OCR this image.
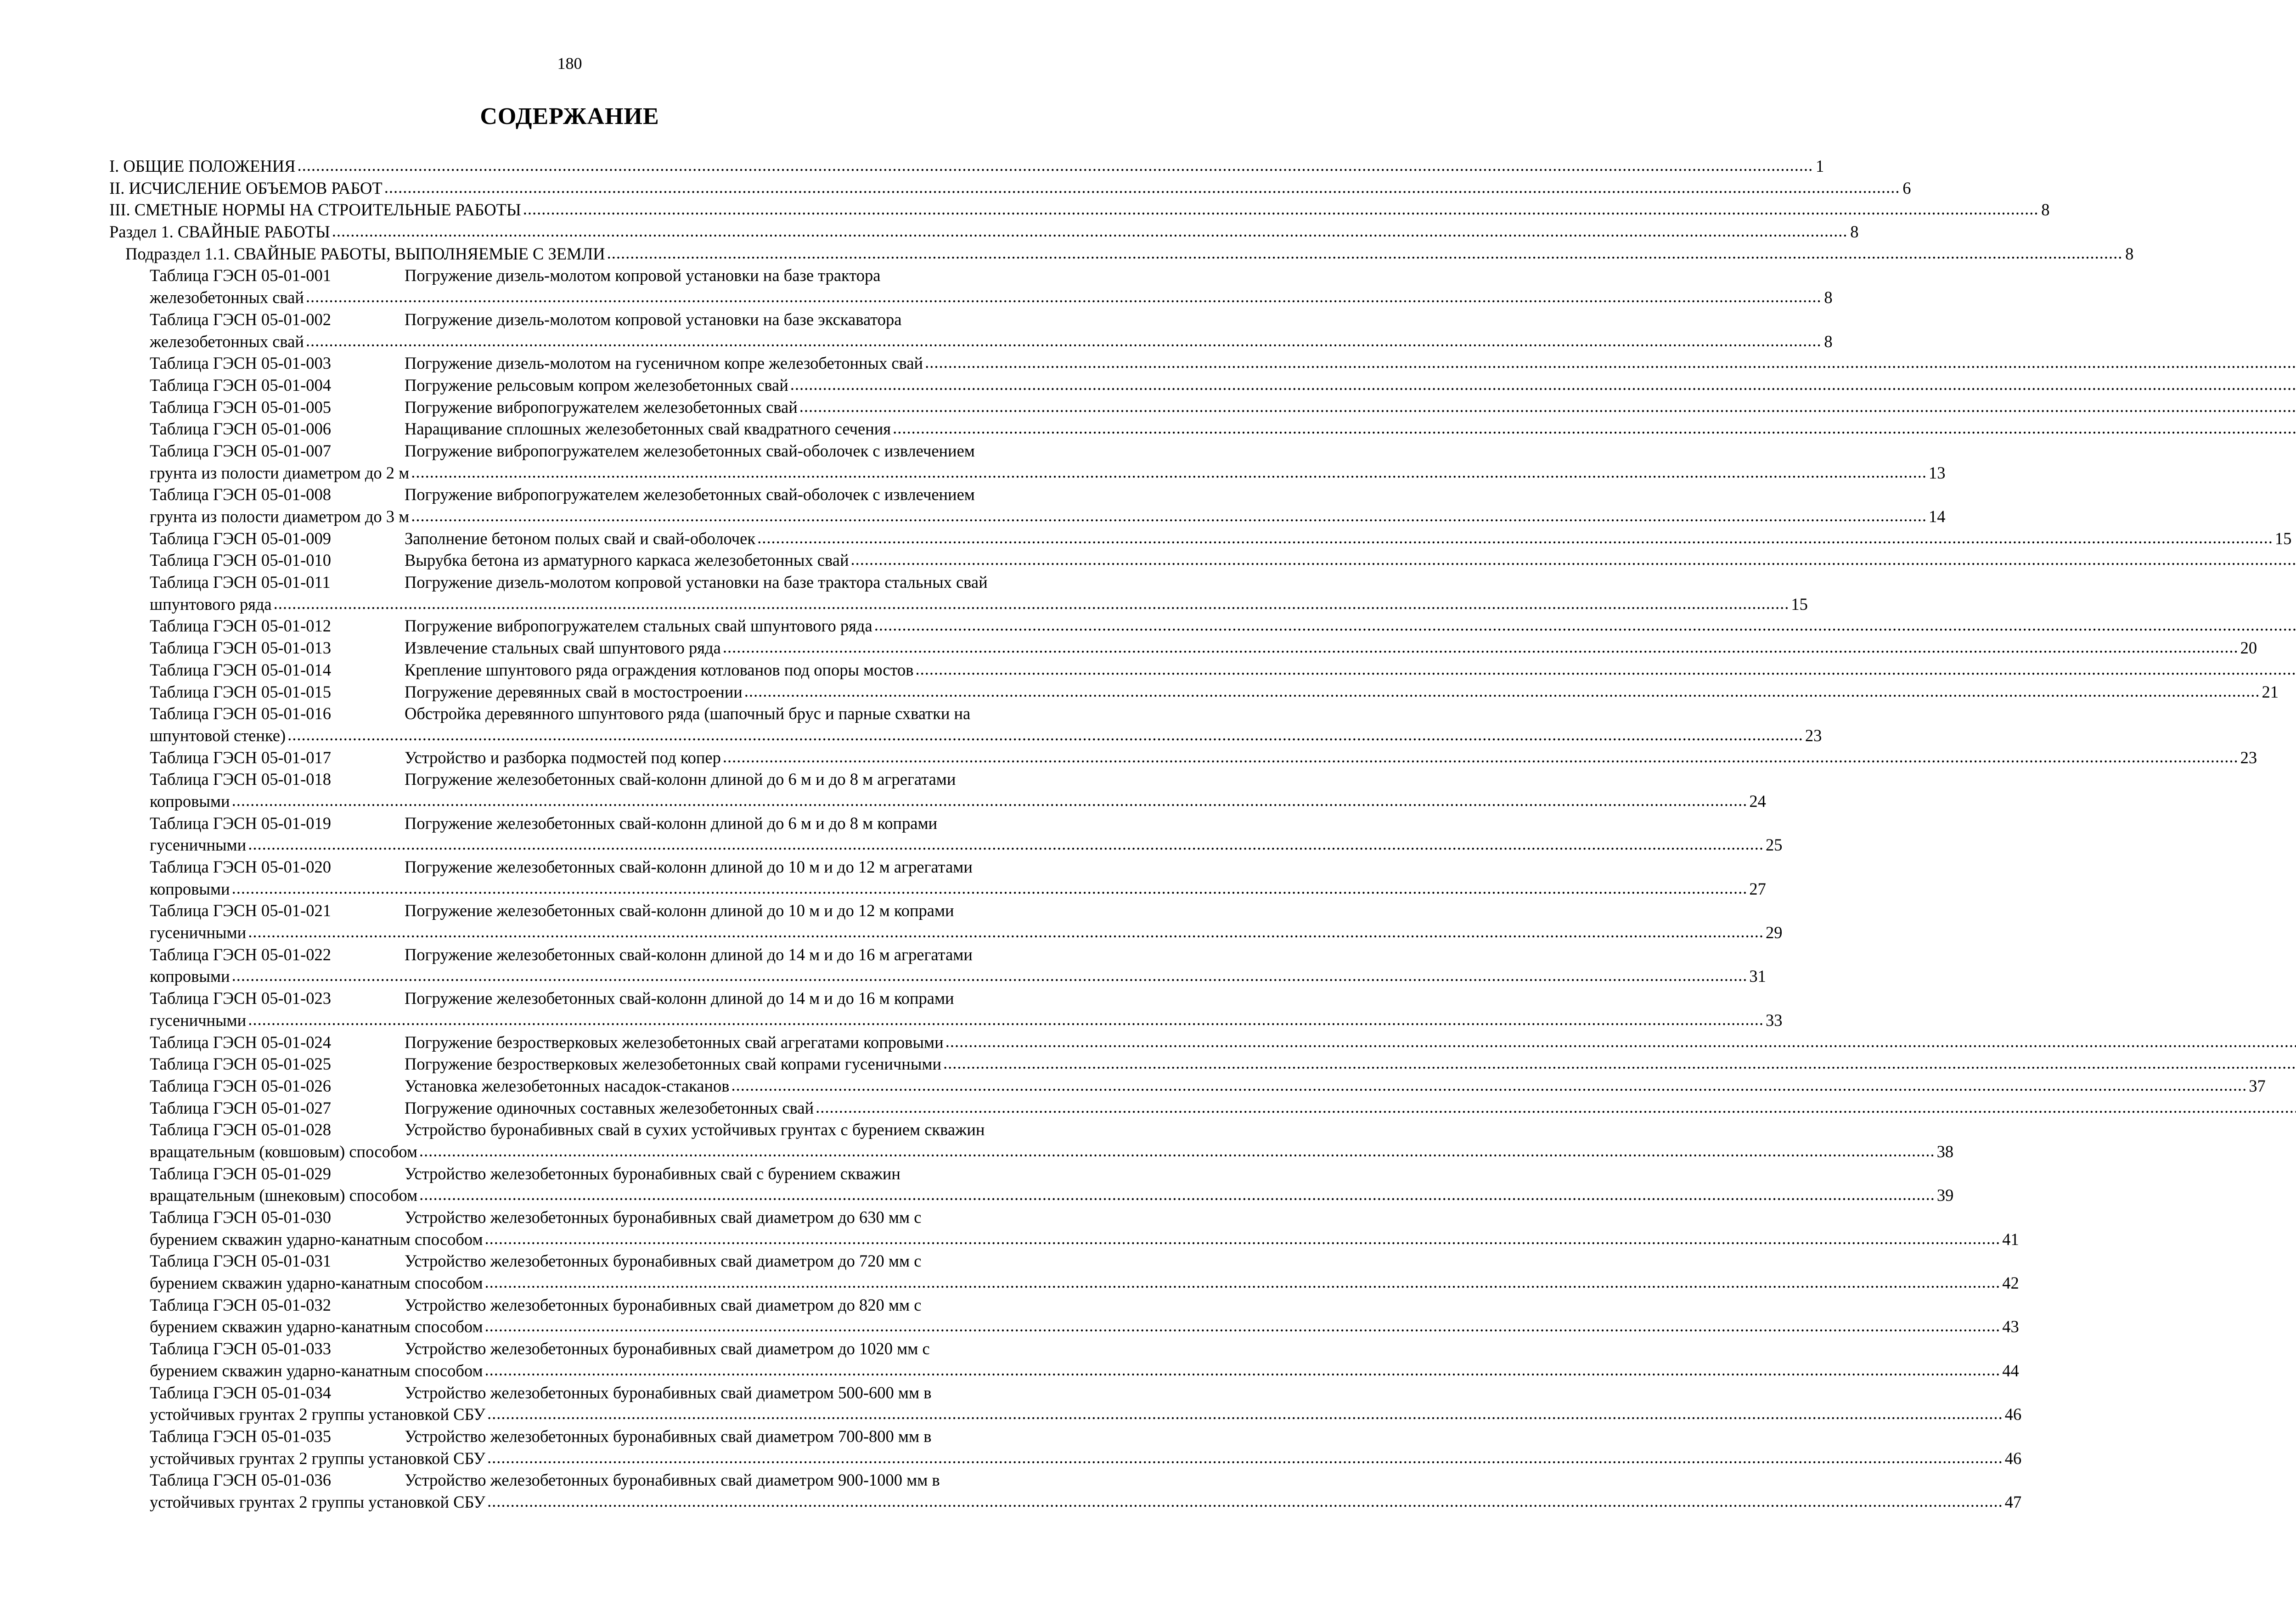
180
СОДЕРЖАНИЕ
I. ОБЩИЕ ПОЛОЖЕНИЯ .....	1
II. ИСЧИСЛЕНИЕ ОБЪЕМОВ РАБОТ .....	6
III. СМЕТНЫЕ НОРМЫ НА СТРОИТЕЛЬНЫЕ РАБОТЫ .....	8
Раздел 1. СВАЙНЫЕ РАБОТЫ .....	8
Подраздел 1.1. СВАЙНЫЕ РАБОТЫ, ВЫПОЛНЯЕМЫЕ С ЗЕМЛИ .....	8
Таблица ГЭСН 05-01-001	Погружение дизель-молотом копровой установки на базе трактора
железобетонных свай .....	8
Таблица ГЭСН 05-01-002	Погружение дизель-молотом копровой установки на базе экскаватора
железобетонных свай .....	8
Таблица ГЭСН 05-01-003	Погружение дизель-молотом на гусеничном копре железобетонных свай
.....
Таблица ГЭСН 05-01-004	Погружение рельсовым копром железобетонных свай
.....
Таблица ГЭСН 05-01-005	Погружение вибропогружателем железобетонных свай
.....
Таблица ГЭСН 05-01-006	Наращивание сплошных железобетонных свай квадратного сечения
.....
Таблица ГЭСН 05-01-007	Погружение вибропогружателем железобетонных свай-оболочек с извлечением
грунта из полости диаметром до 2 м .....	13
Таблица ГЭСН 05-01-008	Погружение вибропогружателем железобетонных свай-оболочек с извлечением
грунта из полости диаметром до 3 м .....	14
Таблица ГЭСН 05-01-009	Заполнение бетоном полых свай и свай-оболочек .....	15
Таблица ГЭСН 05-01-010	Вырубка бетона из арматурного каркаса железобетонных свай
.....
Таблица ГЭСН 05-01-011	Погружение дизель-молотом копровой установки на базе трактора стальных свай
шпунтового ряда .....	15
Таблица ГЭСН 05-01-012	Погружение вибропогружателем стальных свай шпунтового ряда
.....
Таблица ГЭСН 05-01-013	Извлечение стальных свай шпунтового ряда .....	20
Таблица ГЭСН 05-01-014	Крепление шпунтового ряда ограждения котлованов под опоры мостов
.....
Таблица ГЭСН 05-01-015	Погружение деревянных свай в мостостроении .....	21
Таблица ГЭСН 05-01-016	Обстройка деревянного шпунтового ряда (шапочный брус и парные схватки на
шпунтовой стенке) .....	23
Таблица ГЭСН 05-01-017	Устройство и разборка подмостей под копер .....	23
Таблица ГЭСН 05-01-018	Погружение железобетонных свай-колонн длиной до 6 м и до 8 м агрегатами
копровыми .....	24
Таблица ГЭСН 05-01-019	Погружение железобетонных свай-колонн длиной до 6 м и до 8 м копрами
гусеничными .....	25
Таблица ГЭСН 05-01-020	Погружение железобетонных свай-колонн длиной до 10 м и до 12 м агрегатами
копровыми .....	27
Таблица ГЭСН 05-01-021	Погружение железобетонных свай-колонн длиной до 10 м и до 12 м копрами
гусеничными .....	29
Таблица ГЭСН 05-01-022	Погружение железобетонных свай-колонн длиной до 14 м и до 16 м агрегатами
копровыми .....	31
Таблица ГЭСН 05-01-023	Погружение железобетонных свай-колонн длиной до 14 м и до 16 м копрами
гусеничными .....	33
Таблица ГЭСН 05-01-024	Погружение безростверковых железобетонных свай агрегатами копровыми
.....
Таблица ГЭСН 05-01-025	Погружение безростверковых железобетонных свай копрами гусеничными
.....
Таблица ГЭСН 05-01-026	Установка железобетонных насадок-стаканов .....	37
Таблица ГЭСН 05-01-027	Погружение одиночных составных железобетонных свай
.....
Таблица ГЭСН 05-01-028	Устройство буронабивных свай в сухих устойчивых грунтах с бурением скважин
вращательным (ковшовым) способом .....	38
Таблица ГЭСН 05-01-029	Устройство железобетонных буронабивных свай с бурением скважин
вращательным (шнековым) способом .....	39
Таблица ГЭСН 05-01-030	Устройство железобетонных буронабивных свай диаметром до 630 мм с
бурением скважин ударно-канатным способом .....	41
Таблица ГЭСН 05-01-031	Устройство железобетонных буронабивных свай диаметром до 720 мм с
бурением скважин ударно-канатным способом .....	42
Таблица ГЭСН 05-01-032	Устройство железобетонных буронабивных свай диаметром до 820 мм с
бурением скважин ударно-канатным способом .....	43
Таблица ГЭСН 05-01-033	Устройство железобетонных буронабивных свай диаметром до 1020 мм с
бурением скважин ударно-канатным способом .....	44
Таблица ГЭСН 05-01-034	Устройство железобетонных буронабивных свай диаметром 500-600 мм в
устойчивых грунтах 2 группы установкой СБУ .....	46
Таблица ГЭСН 05-01-035	Устройство железобетонных буронабивных свай диаметром 700-800 мм в
устойчивых грунтах 2 группы установкой СБУ .....	46
Таблица ГЭСН 05-01-036	Устройство железобетонных буронабивных свай диаметром 900-1000 мм в
устойчивых грунтах 2 группы установкой СБУ .....	47
